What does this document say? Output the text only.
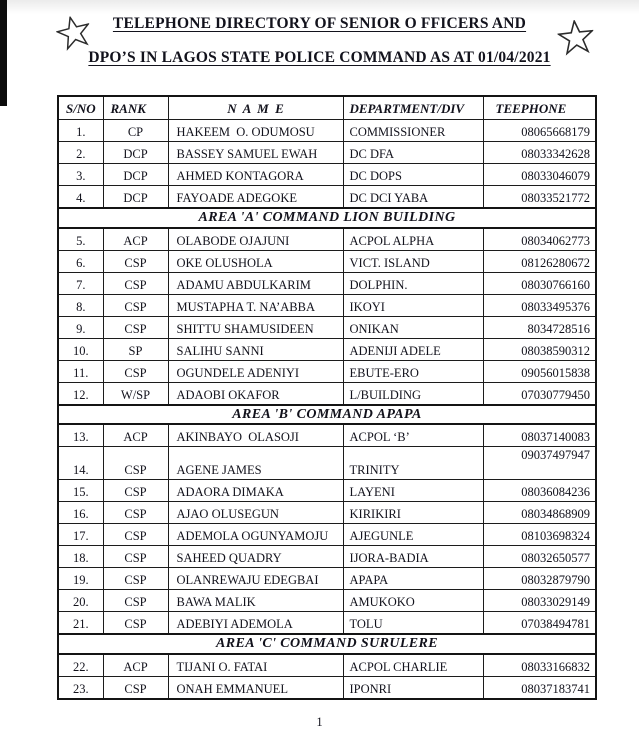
TELEPHONE DIRECTORY OF SENIOR O FFICERS AND
DPO’S IN LAGOS STATE POLICE COMMAND AS AT 01/04/2021
S/NO	RANK	N  A  M  E	DEPARTMENT/DIV	TEEPHONE
1.	CP	HAKEEM  O. ODUMOSU	COMMISSIONER	08065668179
2.	DCP	BASSEY SAMUEL EWAH	DC DFA	08033342628
3.	DCP	AHMED KONTAGORA	DC DOPS	08033046079
4.	DCP	FAYOADE ADEGOKE	DC DCI YABA	08033521772
AREA 'A' COMMAND LION BUILDING				
5.	ACP	OLABODE OJAJUNI	ACPOL ALPHA	08034062773
6.	CSP	OKE OLUSHOLA	VICT. ISLAND	08126280672
7.	CSP	ADAMU ABDULKARIM	DOLPHIN.	08030766160
8.	CSP	MUSTAPHA T. NA’ABBA	IKOYI	08033495376
9.	CSP	SHITTU SHAMUSIDEEN	ONIKAN	8034728516
10.	SP	SALIHU SANNI	ADENIJI ADELE	08038590312
11.	CSP	OGUNDELE ADENIYI	EBUTE-ERO	09056015838
12.	W/SP	ADAOBI OKAFOR	L/BUILDING	07030779450
AREA 'B' COMMAND APAPA				
13.	ACP	AKINBAYO  OLASOJI	ACPOL ‘B’	08037140083
14.	CSP	AGENE JAMES	TRINITY	09037497947
15.	CSP	ADAORA DIMAKA	LAYENI	08036084236
16.	CSP	AJAO OLUSEGUN	KIRIKIRI	08034868909
17.	CSP	ADEMOLA OGUNYAMOJU	AJEGUNLE	08103698324
18.	CSP	SAHEED QUADRY	IJORA-BADIA	08032650577
19.	CSP	OLANREWAJU EDEGBAI	APAPA	08032879790
20.	CSP	BAWA MALIK	AMUKOKO	08033029149
21.	CSP	ADEBIYI ADEMOLA	TOLU	07038494781
AREA 'C' COMMAND SURULERE				
22.	ACP	TIJANI O. FATAI	ACPOL CHARLIE	08033166832
23.	CSP	ONAH EMMANUEL	IPONRI	08037183741
1
